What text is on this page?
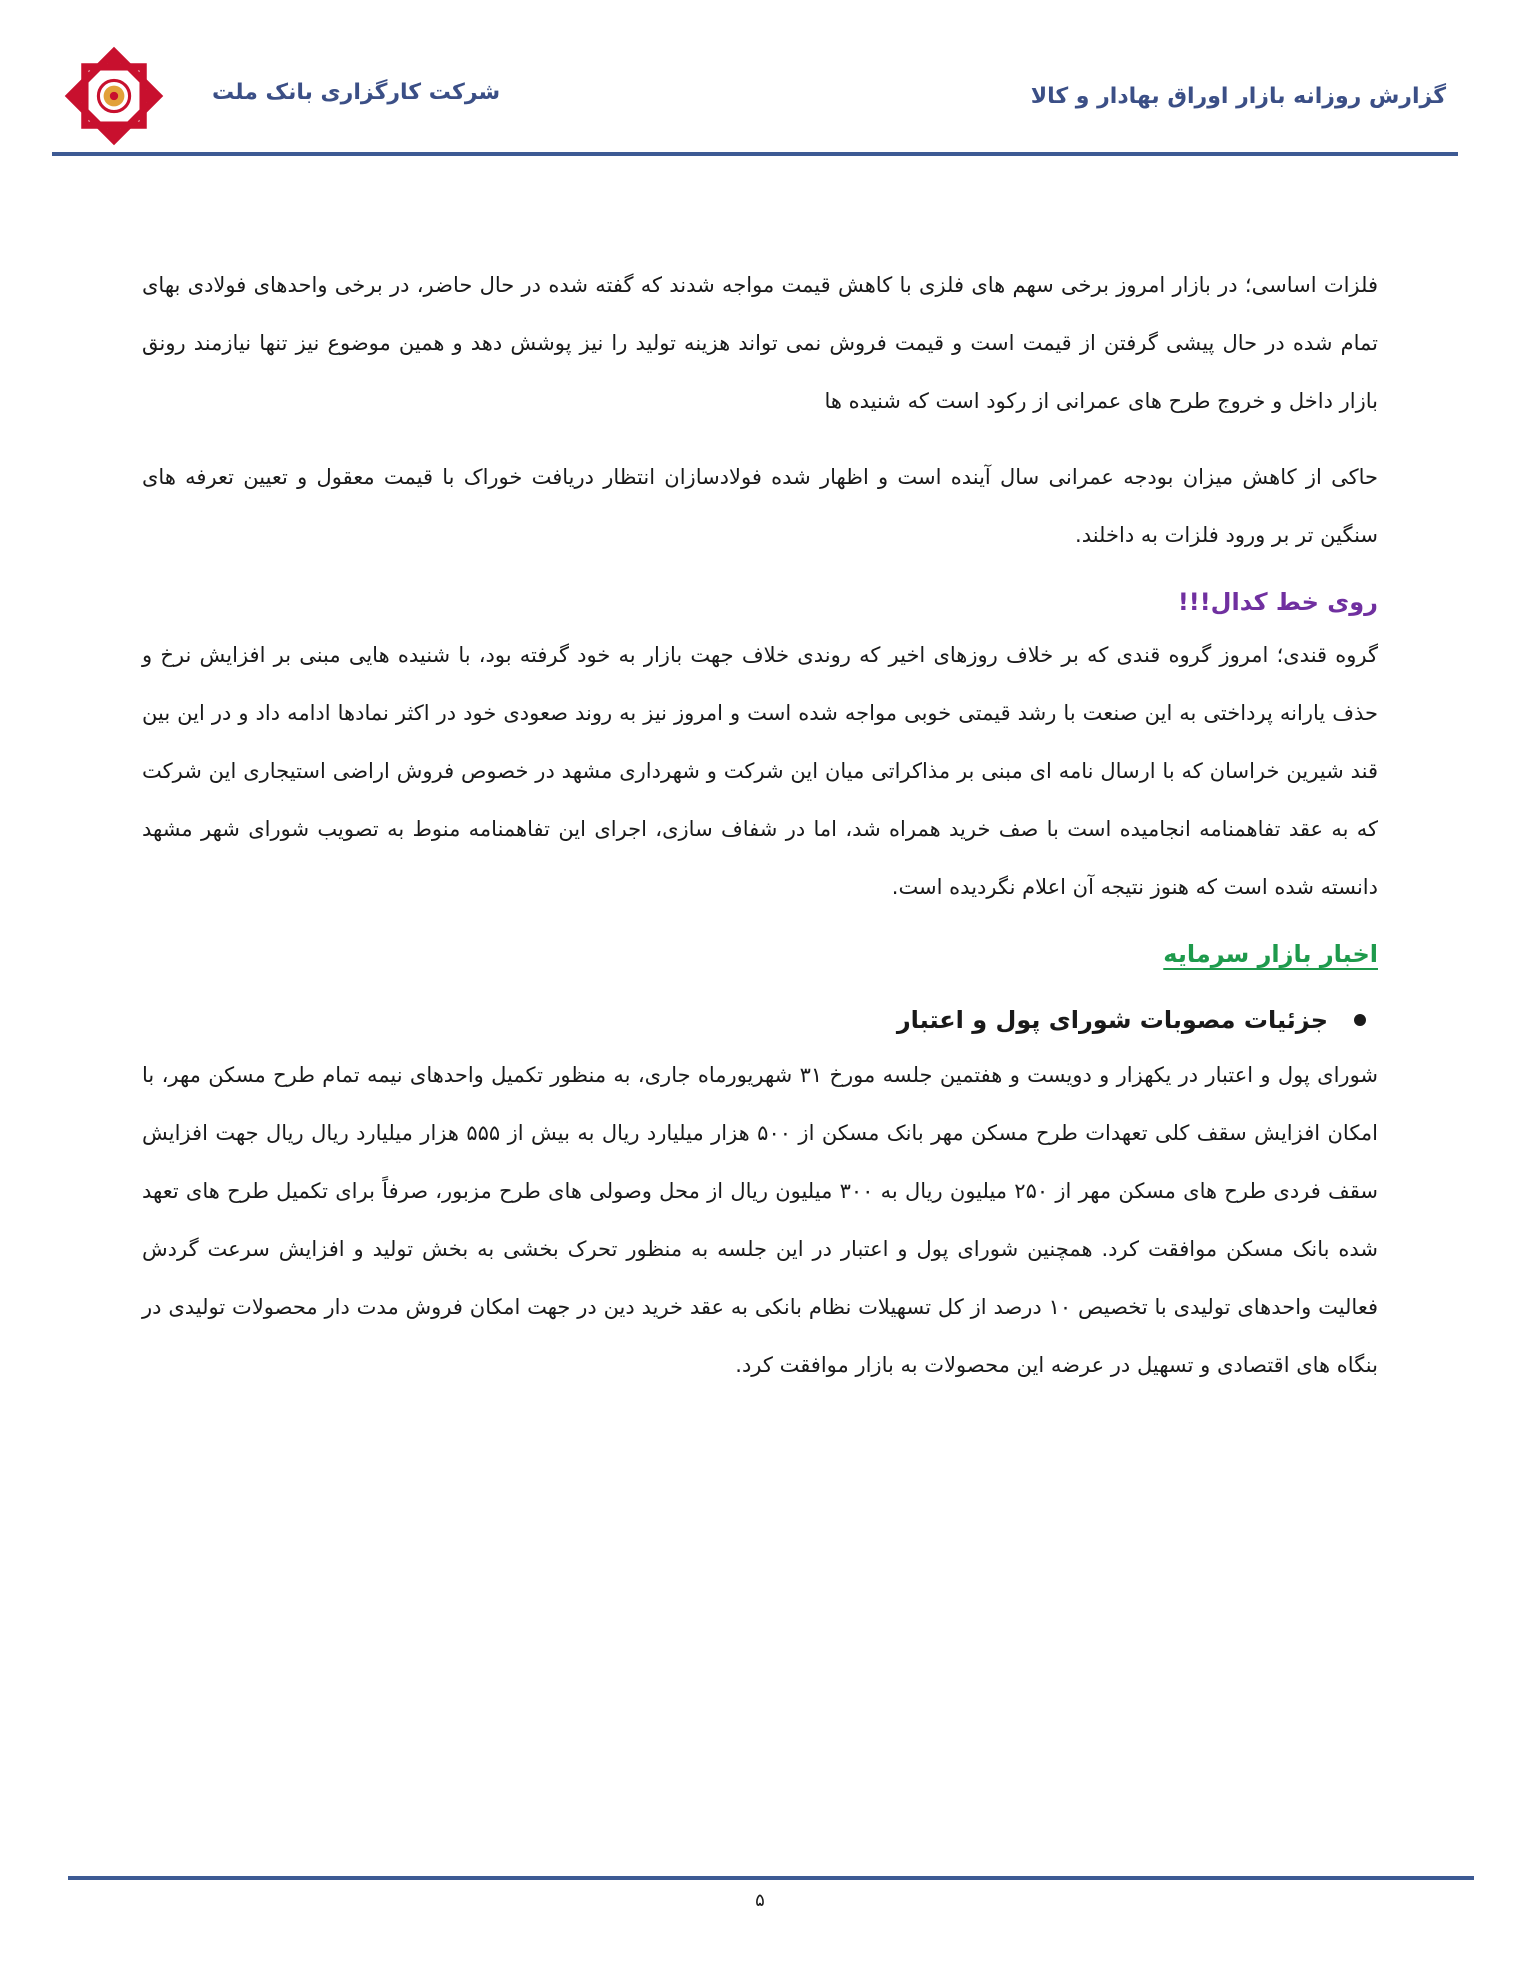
شرکت کارگزاری بانک ملت	گزارش روزانه بازار اوراق بهادار و کالا

فلزات اساسی؛ در بازار امروز برخی سهم های فلزی با کاهش قیمت مواجه شدند که گفته شده در حال حاضر، در برخی واحدهای فولادی بهای تمام شده در حال پیشی گرفتن از قیمت است و قیمت فروش نمی تواند هزینه تولید را نیز پوشش دهد و همین موضوع نیز تنها نیازمند رونق بازار داخل و خروج طرح های عمرانی از رکود است که شنیده ها

حاکی از کاهش میزان بودجه عمرانی سال آینده است و اظهار شده فولادسازان انتظار دریافت خوراک با قیمت معقول و تعیین تعرفه های سنگین تر بر ورود فلزات به داخلند.

روی خط کدال!!!

گروه قندی؛ امروز گروه قندی که بر خلاف روزهای اخیر که روندی خلاف جهت بازار به خود گرفته بود، با شنیده هایی مبنی بر افزایش نرخ و حذف یارانه پرداختی به این صنعت با رشد قیمتی خوبی مواجه شده است و امروز نیز به روند صعودی خود در اکثر نمادها ادامه داد و در این بین قند شیرین خراسان که با ارسال نامه ای مبنی بر مذاکراتی میان این شرکت و شهرداری مشهد در خصوص فروش اراضی استیجاری این شرکت که به عقد تفاهمنامه انجامیده است با صف خرید همراه شد، اما در شفاف سازی، اجرای این تفاهمنامه منوط به تصویب شورای شهر مشهد دانسته شده است که هنوز نتیجه آن اعلام نگردیده است.

اخبار بازار سرمایه
جزئیات مصوبات شورای پول و اعتبار

شورای پول و اعتبار در یکهزار و دویست و هفتمین جلسه مورخ ۳۱ شهریورماه جاری، به منظور تکمیل واحدهای نیمه تمام طرح مسکن مهر، با امکان افزایش سقف کلی تعهدات طرح مسکن مهر بانک مسکن از ۵۰۰ هزار میلیارد ریال به بیش از ۵۵۵ هزار میلیارد ریال ریال جهت افزایش سقف فردی طرح های مسکن مهر از ۲۵۰ میلیون ریال به ۳۰۰ میلیون ریال از محل وصولی های طرح مزبور، صرفاً برای تکمیل طرح های تعهد شده بانک مسکن موافقت کرد. همچنین شورای پول و اعتبار در این جلسه به منظور تحرک بخشی به بخش تولید و افزایش سرعت گردش فعالیت واحدهای تولیدی با تخصیص ۱۰ درصد از کل تسهیلات نظام بانکی به عقد خرید دین در جهت امکان فروش مدت دار محصولات تولیدی در بنگاه های اقتصادی و تسهیل در عرضه این محصولات به بازار موافقت کرد.

۵
